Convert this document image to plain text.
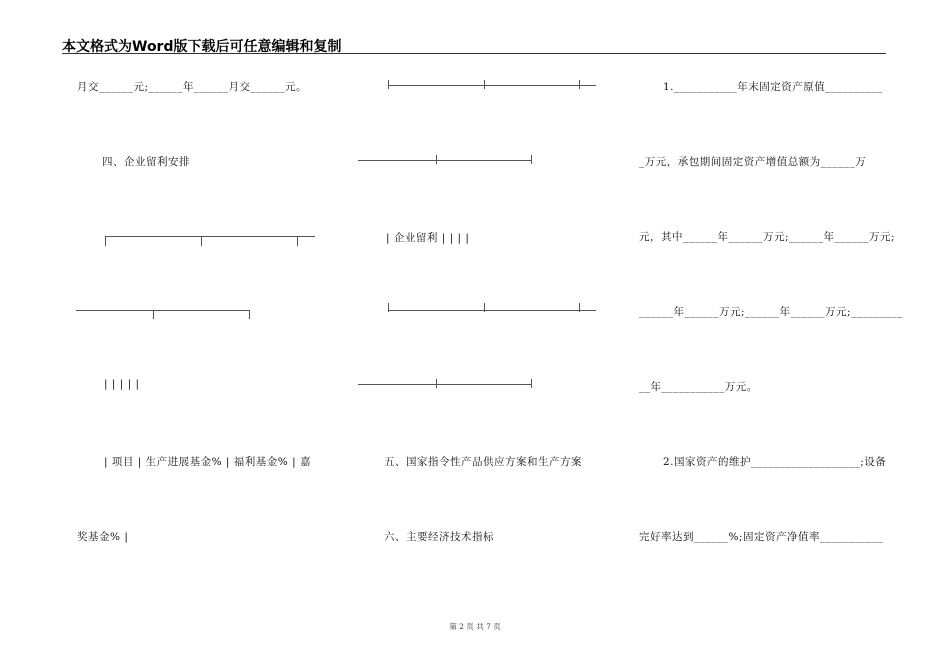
本文格式为Word版下载后可任意编辑和复制
月交______元;______年______月交______元。
四、企业留利安排
| | | | |
| 项目 | 生产进展基金% | 福利基金% | 嘉
奖基金% |
| 企业留利 | | | |
五、国家指令性产品供应方案和生产方案
六、主要经济技术指标
1.___________年末固定资产原值__________
_万元，承包期间固定资产增值总额为______万
元，其中______年______万元;______年______万元;
______年______万元;______年______万元;_________
__年___________万元。
2.国家资产的维护___________________;设备
完好率达到______%;固定资产净值率___________
第 2 页 共 7 页
